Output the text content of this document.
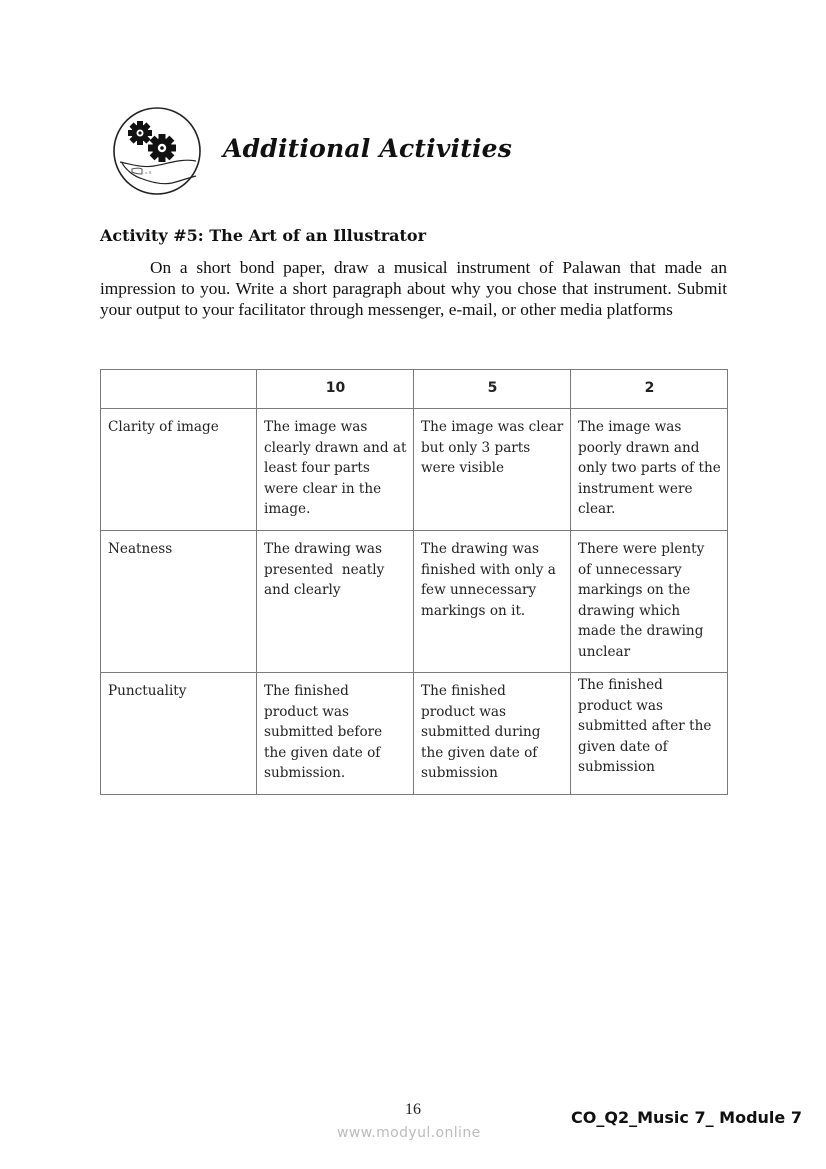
Additional Activities
Activity #5: The Art of an Illustrator

On a short bond paper, draw a musical instrument of Palawan that made an impression to you. Write a short paragraph about why you chose that instrument. Submit your output to your facilitator through messenger, e-mail, or other media platforms

	10	5	2
Clarity of image	The image was clearly drawn and at least four parts were clear in the image.	The image was clear but only 3 parts were visible	The image was poorly drawn and only two parts of the instrument were clear.
Neatness	The drawing was presented  neatly and clearly	The drawing was finished with only a few unnecessary markings on it.	There were plenty of unnecessary markings on the drawing which made the drawing unclear
Punctuality	The finished product was submitted before the given date of submission.	The finished product was submitted during the given date of submission	The finished product was submitted after the given date of submission
16
www.modyul.online
CO_Q2_Music 7_ Module 7
